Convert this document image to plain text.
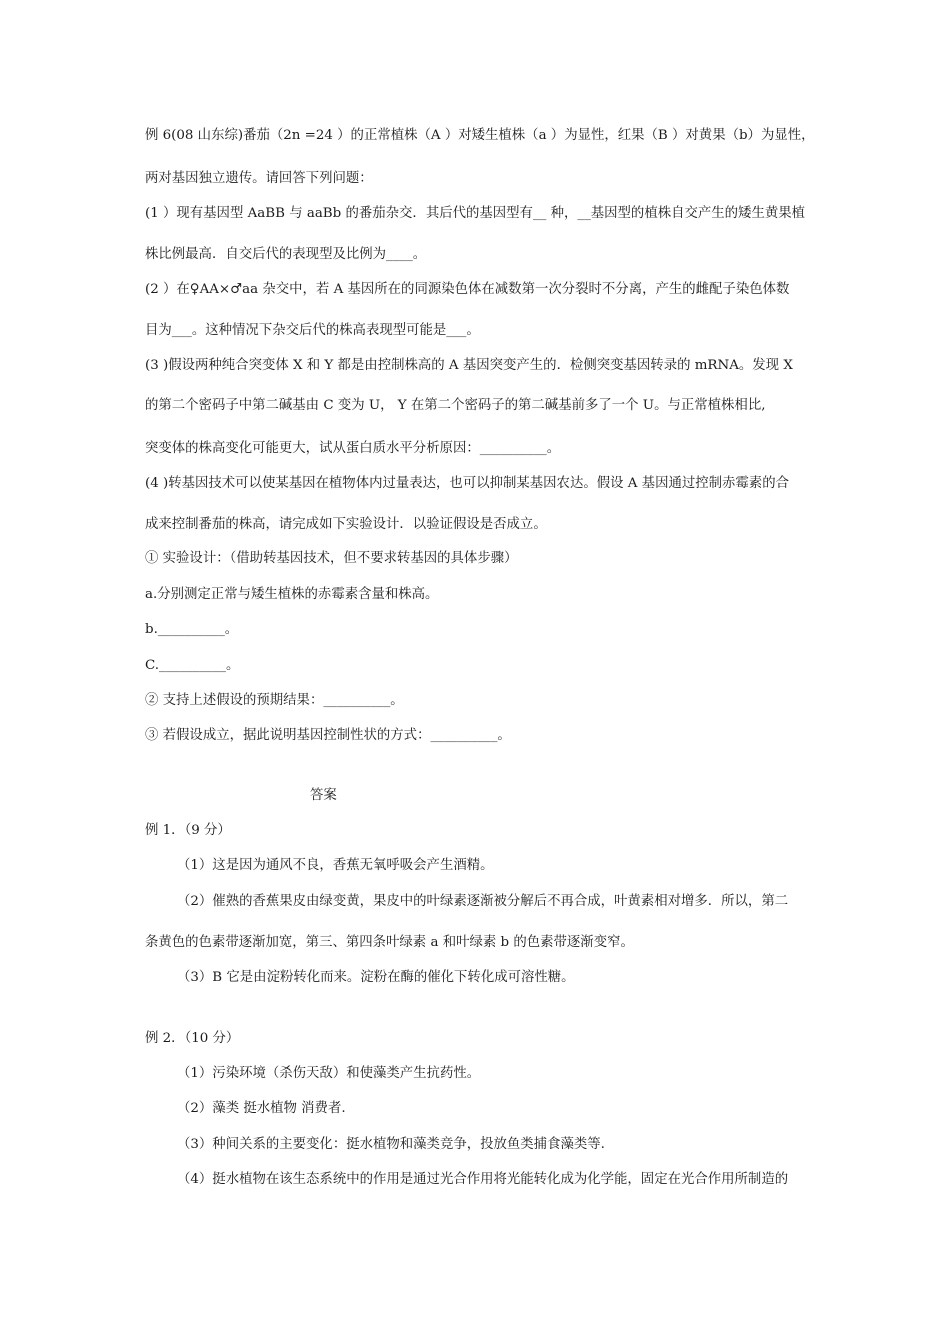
例 6(08 山东综)番茄（2n =24 ）的正常植株（A ）对矮生植株（a ）为显性，红果（B ）对黄果（b）为显性，
两对基因独立遗传。请回答下列问题：
(1 ）现有基因型 AaBB 与 aaBb 的番茄杂交．其后代的基因型有__ 种，__基因型的植株自交产生的矮生黄果植
株比例最高．自交后代的表现型及比例为____。
(2 ）在♀AA×♂aa 杂交中，若 A 基因所在的同源染色体在减数第一次分裂时不分离，产生的雌配子染色体数
目为___。这种情况下杂交后代的株高表现型可能是___。
(3 )假设两种纯合突变体 X 和 Y 都是由控制株高的 A 基因突变产生的．检侧突变基因转录的 mRNA。发现 X
的第二个密码子中第二碱基由 C 变为 U， Y 在第二个密码子的第二碱基前多了一个 U。与正常植株相比,
突变体的株高变化可能更大，试从蛋白质水平分析原因：__________。
(4 )转基因技术可以使某基因在植物体内过量表达，也可以抑制某基因农达。假设 A 基因通过控制赤霉素的合
成来控制番茄的株高，请完成如下实验设计．以验证假设是否成立。
① 实验设计：（借助转基因技术，但不要求转基因的具体步骤）
a.分别测定正常与矮生植株的赤霉素含量和株高。
b.__________。
C.__________。
② 支持上述假设的预期结果：__________。
③ 若假设成立，据此说明基因控制性状的方式：__________。
答案
例 1．（9 分）
（1）这是因为通风不良，香蕉无氧呼吸会产生酒精。
（2）催熟的香蕉果皮由绿变黄，果皮中的叶绿素逐渐被分解后不再合成，叶黄素相对增多．所以，第二
条黄色的色素带逐渐加宽，第三、第四条叶绿素 a 和叶绿素 b 的色素带逐渐变窄。
（3）B 它是由淀粉转化而来。淀粉在酶的催化下转化成可溶性糖。
例 2．（10 分）
（1）污染环境（杀伤天敌）和使藻类产生抗药性。
（2）藻类 挺水植物 消费者.
（3）种间关系的主要变化：挺水植物和藻类竞争，投放鱼类捕食藻类等.
（4）挺水植物在该生态系统中的作用是通过光合作用将光能转化成为化学能，固定在光合作用所制造的
